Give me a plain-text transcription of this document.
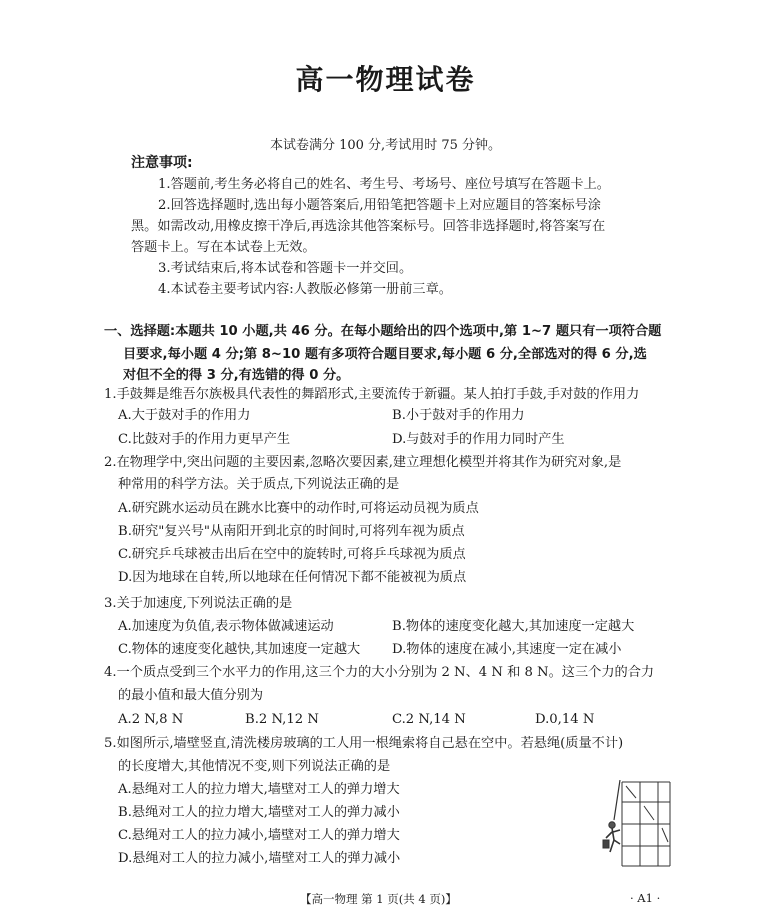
高一物理试卷
本试卷满分 100 分,考试用时 75 分钟。
注意事项:
1.答题前,考生务必将自己的姓名、考生号、考场号、座位号填写在答题卡上。
2.回答选择题时,选出每小题答案后,用铅笔把答题卡上对应题目的答案标号涂
黑。如需改动,用橡皮擦干净后,再选涂其他答案标号。回答非选择题时,将答案写在
答题卡上。写在本试卷上无效。
3.考试结束后,将本试卷和答题卡一并交回。
4.本试卷主要考试内容:人教版必修第一册前三章。
一、选择题:本题共 10 小题,共 46 分。在每小题给出的四个选项中,第 1~7 题只有一项符合题
目要求,每小题 4 分;第 8~10 题有多项符合题目要求,每小题 6 分,全部选对的得 6 分,选
对但不全的得 3 分,有选错的得 0 分。
1.手鼓舞是维吾尔族极具代表性的舞蹈形式,主要流传于新疆。某人拍打手鼓,手对鼓的作用力
A.大于鼓对手的作用力	B.小于鼓对手的作用力
C.比鼓对手的作用力更早产生	D.与鼓对手的作用力同时产生
2.在物理学中,突出问题的主要因素,忽略次要因素,建立理想化模型并将其作为研究对象,是
种常用的科学方法。关于质点,下列说法正确的是
A.研究跳水运动员在跳水比赛中的动作时,可将运动员视为质点
B.研究"复兴号"从南阳开到北京的时间时,可将列车视为质点
C.研究乒乓球被击出后在空中的旋转时,可将乒乓球视为质点
D.因为地球在自转,所以地球在任何情况下都不能被视为质点
3.关于加速度,下列说法正确的是
A.加速度为负值,表示物体做减速运动	B.物体的速度变化越大,其加速度一定越大
C.物体的速度变化越快,其加速度一定越大 D.物体的速度在减小,其速度一定在减小
4.一个质点受到三个水平力的作用,这三个力的大小分别为 2 N、4 N 和 8 N。这三个力的合力
的最小值和最大值分别为
A.2 N,8 N	B.2 N,12 N	C.2 N,14 N	D.0,14 N
5.如图所示,墙壁竖直,清洗楼房玻璃的工人用一根绳索将自己悬在空中。若悬绳(质量不计)
的长度增大,其他情况不变,则下列说法正确的是
A.悬绳对工人的拉力增大,墙壁对工人的弹力增大
B.悬绳对工人的拉力增大,墙壁对工人的弹力减小
C.悬绳对工人的拉力减小,墙壁对工人的弹力增大
D.悬绳对工人的拉力减小,墙壁对工人的弹力减小
【高一物理 第 1 页(共 4 页)】	· A1 ·
